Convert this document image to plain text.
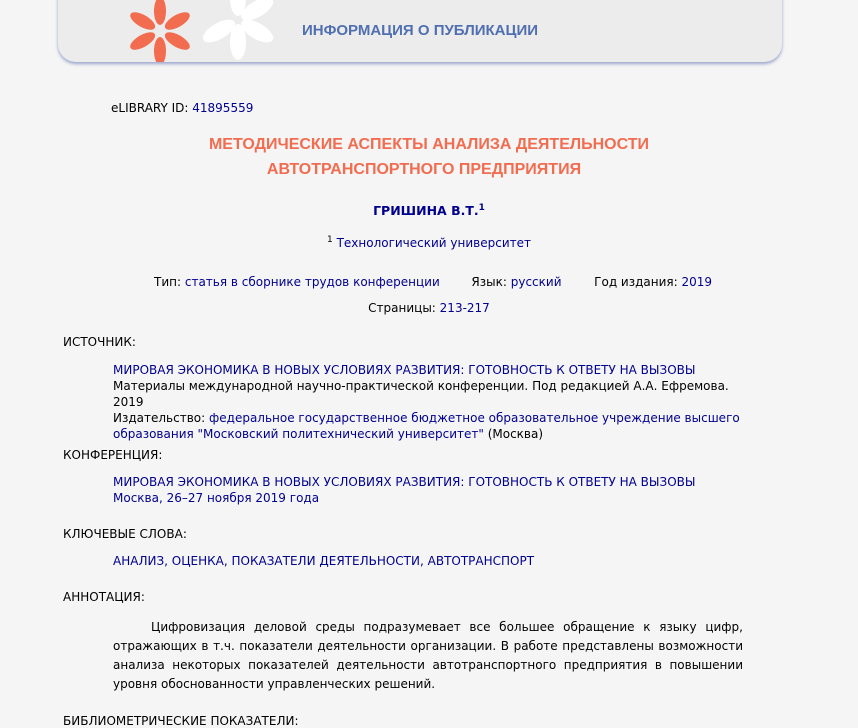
ИНФОРМАЦИЯ О ПУБЛИКАЦИИ
eLIBRARY ID: 41895559
МЕТОДИЧЕСКИЕ АСПЕКТЫ АНАЛИЗА ДЕЯТЕЛЬНОСТИ
АВТОТРАНСПОРТНОГО ПРЕДПРИЯТИЯ
ГРИШИНА В.Т.$^1$
$^1$ Технологический университет
Тип: статья в сборнике трудов конференции	Язык: русский	Год издания: 2019
Страницы: 213-217
ИСТОЧНИК:
МИРОВАЯ ЭКОНОМИКА В НОВЫХ УСЛОВИЯХ РАЗВИТИЯ: ГОТОВНОСТЬ К ОТВЕТУ НА ВЫЗОВЫ
Материалы международной научно-практической конференции. Под редакцией А.А. Ефремова. 2019
Издательство: федеральное государственное бюджетное образовательное учреждение высшего образования "Московский политехнический университет" (Москва)
КОНФЕРЕНЦИЯ:
МИРОВАЯ ЭКОНОМИКА В НОВЫХ УСЛОВИЯХ РАЗВИТИЯ: ГОТОВНОСТЬ К ОТВЕТУ НА ВЫЗОВЫ
Москва, 26–27 ноября 2019 года
КЛЮЧЕВЫЕ СЛОВА:
АНАЛИЗ, ОЦЕНКА, ПОКАЗАТЕЛИ ДЕЯТЕЛЬНОСТИ, АВТОТРАНСПОРТ
АННОТАЦИЯ:
Цифровизация деловой среды подразумевает все большее обращение к языку цифр, отражающих в т.ч. показатели деятельности организации. В работе представлены возможности анализа некоторых показателей деятельности автотранспортного предприятия в повышении уровня обоснованности управленческих решений.
БИБЛИОМЕТРИЧЕСКИЕ ПОКАЗАТЕЛИ:
